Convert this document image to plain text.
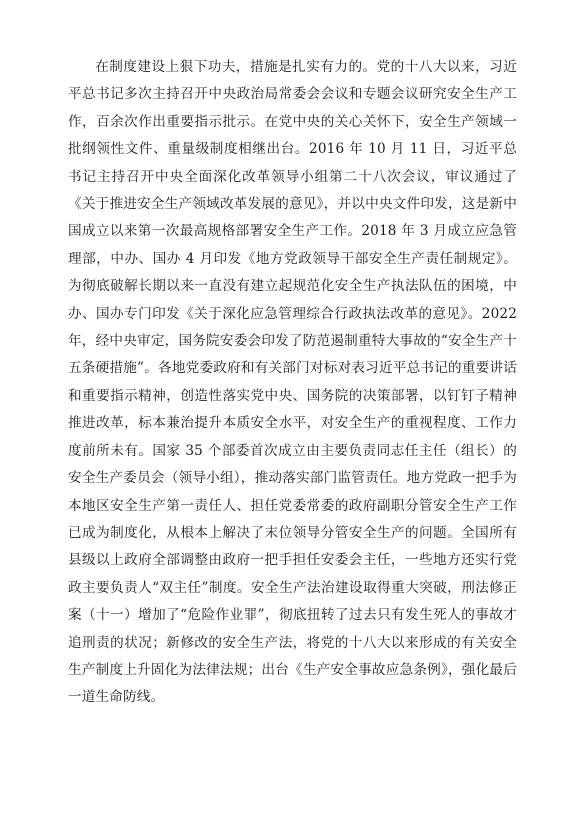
在制度建设上狠下功夫，措施是扎实有力的。党的十八大以来，习近平总书记多次主持召开中央政治局常委会会议和专题会议研究安全生产工作，百余次作出重要指示批示。在党中央的关心关怀下，安全生产领域一批纲领性文件、重量级制度相继出台。2016 年 10 月 11 日，习近平总书记主持召开中央全面深化改革领导小组第二十八次会议，审议通过了《关于推进安全生产领域改革发展的意见》，并以中央文件印发，这是新中国成立以来第一次最高规格部署安全生产工作。2018 年 3 月成立应急管理部，中办、国办 4 月印发《地方党政领导干部安全生产责任制规定》。为彻底破解长期以来一直没有建立起规范化安全生产执法队伍的困境，中办、国办专门印发《关于深化应急管理综合行政执法改革的意见》。2022 年，经中央审定，国务院安委会印发了防范遏制重特大事故的“安全生产十五条硬措施”。各地党委政府和有关部门对标对表习近平总书记的重要讲话和重要指示精神，创造性落实党中央、国务院的决策部署，以钉钉子精神推进改革，标本兼治提升本质安全水平，对安全生产的重视程度、工作力度前所未有。国家 35 个部委首次成立由主要负责同志任主任（组长）的安全生产委员会（领导小组），推动落实部门监管责任。地方党政一把手为本地区安全生产第一责任人、担任党委常委的政府副职分管安全生产工作已成为制度化，从根本上解决了末位领导分管安全生产的问题。全国所有县级以上政府全部调整由政府一把手担任安委会主任，一些地方还实行党政主要负责人“双主任”制度。安全生产法治建设取得重大突破，刑法修正案（十一）增加了“危险作业罪”，彻底扭转了过去只有发生死人的事故才追刑责的状况；新修改的安全生产法，将党的十八大以来形成的有关安全生产制度上升固化为法律法规；出台《生产安全事故应急条例》，强化最后一道生命防线。
